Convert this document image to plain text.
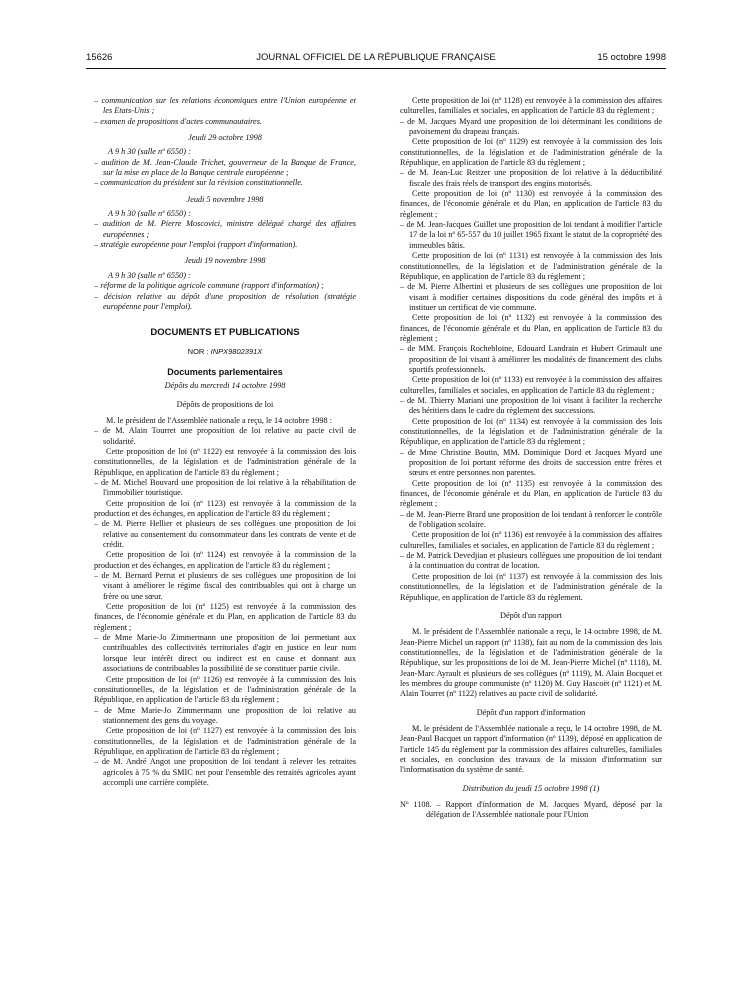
15626	JOURNAL OFFICIEL DE LA RÉPUBLIQUE FRANÇAISE	15 octobre 1998

– communication sur les relations économiques entre l'Union européenne et les Etats-Unis ;

– examen de propositions d'actes communautaires.

Jeudi 29 octobre 1998

A 9 h 30 (salle nº 6550) :

– audition de M. Jean-Claude Trichet, gouverneur de la Banque de France, sur la mise en place de la Banque centrale européenne ;

– communication du président sur la révision constitutionnelle.

Jeudi 5 novembre 1998

A 9 h 30 (salle nº 6550) :

– audition de M. Pierre Moscovici, ministre délégué chargé des affaires européennes ;

– stratégie européenne pour l'emploi (rapport d'information).

Jeudi 19 novembre 1998

A 9 h 30 (salle nº 6550) :

– réforme de la politique agricole commune (rapport d'information) ;

– décision relative au dépôt d'une proposition de résolution (stratégie européenne pour l'emploi).

DOCUMENTS ET PUBLICATIONS

NOR : INPX9802391X

Documents parlementaires

Dépôts du mercredi 14 octobre 1998

Dépôts de propositions de loi

M. le président de l'Assemblée nationale a reçu, le 14 octobre 1998 :

– de M. Alain Tourret une proposition de loi relative au pacte civil de solidarité.

Cette proposition de loi (nº 1122) est renvoyée à la commission des lois constitutionnelles, de la législation et de l'administration générale de la République, en application de l'article 83 du règlement ;

– de M. Michel Bouvard une proposition de loi relative à la réhabilitation de l'immobilier touristique.

Cette proposition de loi (nº 1123) est renvoyée à la commission de la production et des échanges, en application de l'article 83 du règlement ;

– de M. Pierre Hellier et plusieurs de ses collègues une proposition de loi relative au consentement du consommateur dans les contrats de vente et de crédit.

Cette proposition de loi (nº 1124) est renvoyée à la commission de la production et des échanges, en application de l'article 83 du règlement ;

– de M. Bernard Perrut et plusieurs de ses collègues une proposition de loi visant à améliorer le régime fiscal des contribuables qui ont à charge un frère ou une sœur.

Cette proposition de loi (nº 1125) est renvoyée à la commission des finances, de l'économie générale et du Plan, en application de l'article 83 du règlement ;

– de Mme Marie-Jo Zimmermann une proposition de loi permettant aux contribuables des collectivités territoriales d'agir en justice en leur nom lorsque leur intérêt direct ou indirect est en cause et donnant aux associations de contribuables la possibilité de se constituer partie civile.

Cette proposition de loi (nº 1126) est renvoyée à la commission des lois constitutionnelles, de la législation et de l'administration générale de la République, en application de l'article 83 du règlement ;

– de Mme Marie-Jo Zimmermann une proposition de loi relative au stationnement des gens du voyage.

Cette proposition de loi (nº 1127) est renvoyée à la commission des lois constitutionnelles, de la législation et de l'administration générale de la République, en application de l'article 83 du règlement ;

– de M. André Angot une proposition de loi tendant à relever les retraites agricoles à 75 % du SMIC net pour l'ensemble des retraités agricoles ayant accompli une carrière complète.

Cette proposition de loi (nº 1128) est renvoyée à la commission des affaires culturelles, familiales et sociales, en application de l'article 83 du règlement ;

– de M. Jacques Myard une proposition de loi déterminant les conditions de pavoisement du drapeau français.

Cette proposition de loi (nº 1129) est renvoyée à la commission des lois constitutionnelles, de la législation et de l'administration générale de la République, en application de l'article 83 du règlement ;

– de M. Jean-Luc Reitzer une proposition de loi relative à la déductibilité fiscale des frais réels de transport des engins motorisés.

Cette proposition de loi (nº 1130) est renvoyée à la commission des finances, de l'économie générale et du Plan, en application de l'article 83 du règlement ;

– de M. Jean-Jacques Guillet une proposition de loi tendant à modifier l'article 17 de la loi nº 65-557 du 10 juillet 1965 fixant le statut de la copropriété des immeubles bâtis.

Cette proposition de loi (nº 1131) est renvoyée à la commission des lois constitutionnelles, de la législation et de l'administration générale de la République, en application de l'article 83 du règlement ;

– de M. Pierre Albertini et plusieurs de ses collègues une proposition de loi visant à modifier certaines dispositions du code général des impôts et à instituer un certificat de vie commune.

Cette proposition de loi (nº 1132) est renvoyée à la commission des finances, de l'économie générale et du Plan, en application de l'article 83 du règlement ;

– de MM. François Rochebloine, Edouard Landrain et Hubert Grimault une proposition de loi visant à améliorer les modalités de financement des clubs sportifs professionnels.

Cette proposition de loi (nº 1133) est renvoyée à la commission des affaires culturelles, familiales et sociales, en application de l'article 83 du règlement ;

– de M. Thierry Mariani une proposition de loi visant à faciliter la recherche des héritiers dans le cadre du règlement des successions.

Cette proposition de loi (nº 1134) est renvoyée à la commission des lois constitutionnelles, de la législation et de l'administration générale de la République, en application de l'article 83 du règlement ;

– de Mme Christine Boutin, MM. Dominique Dord et Jacques Myard une proposition de loi portant réforme des droits de succession entre frères et sœurs et entre personnes non parentes.

Cette proposition de loi (nº 1135) est renvoyée à la commission des finances, de l'économie générale et du Plan, en application de l'article 83 du règlement ;

– de M. Jean-Pierre Brard une proposition de loi tendant à renforcer le contrôle de l'obligation scolaire.

Cette proposition de loi (nº 1136) est renvoyée à la commission des affaires culturelles, familiales et sociales, en application de l'article 83 du règlement ;

– de M. Patrick Devedjian et plusieurs collègues une proposition de loi tendant à la continuation du contrat de location.

Cette proposition de loi (nº 1137) est renvoyée à la commission des lois constitutionnelles, de la législation et de l'administration générale de la République, en application de l'article 83 du règlement.

Dépôt d'un rapport

M. le président de l'Assemblée nationale a reçu, le 14 octobre 1998, de M. Jean-Pierre Michel un rapport (nº 1138), fait au nom de la commission des lois constitutionnelles, de la législation et de l'administration générale de la République, sur les propositions de loi de M. Jean-Pierre Michel (nº 1118), M. Jean-Marc Ayrault et plusieurs de ses collègues (nº 1119), M. Alain Bocquet et les membres du groupe communiste (nº 1120) M. Guy Hascoët (nº 1121) et M. Alain Tourret (nº 1122) relatives au pacte civil de solidarité.

Dépôt d'un rapport d'information

M. le président de l'Assemblée nationale a reçu, le 14 octobre 1998, de M. Jean-Paul Bacquet un rapport d'information (nº 1139), déposé en application de l'article 145 du règlement par la commission des affaires culturelles, familiales et sociales, en conclusion des travaux de la mission d'information sur l'informatisation du système de santé.

Distribution du jeudi 15 octobre 1998 (1)

Nº 1108. – Rapport d'information de M. Jacques Myard, déposé par la délégation de l'Assemblée nationale pour l'Union
